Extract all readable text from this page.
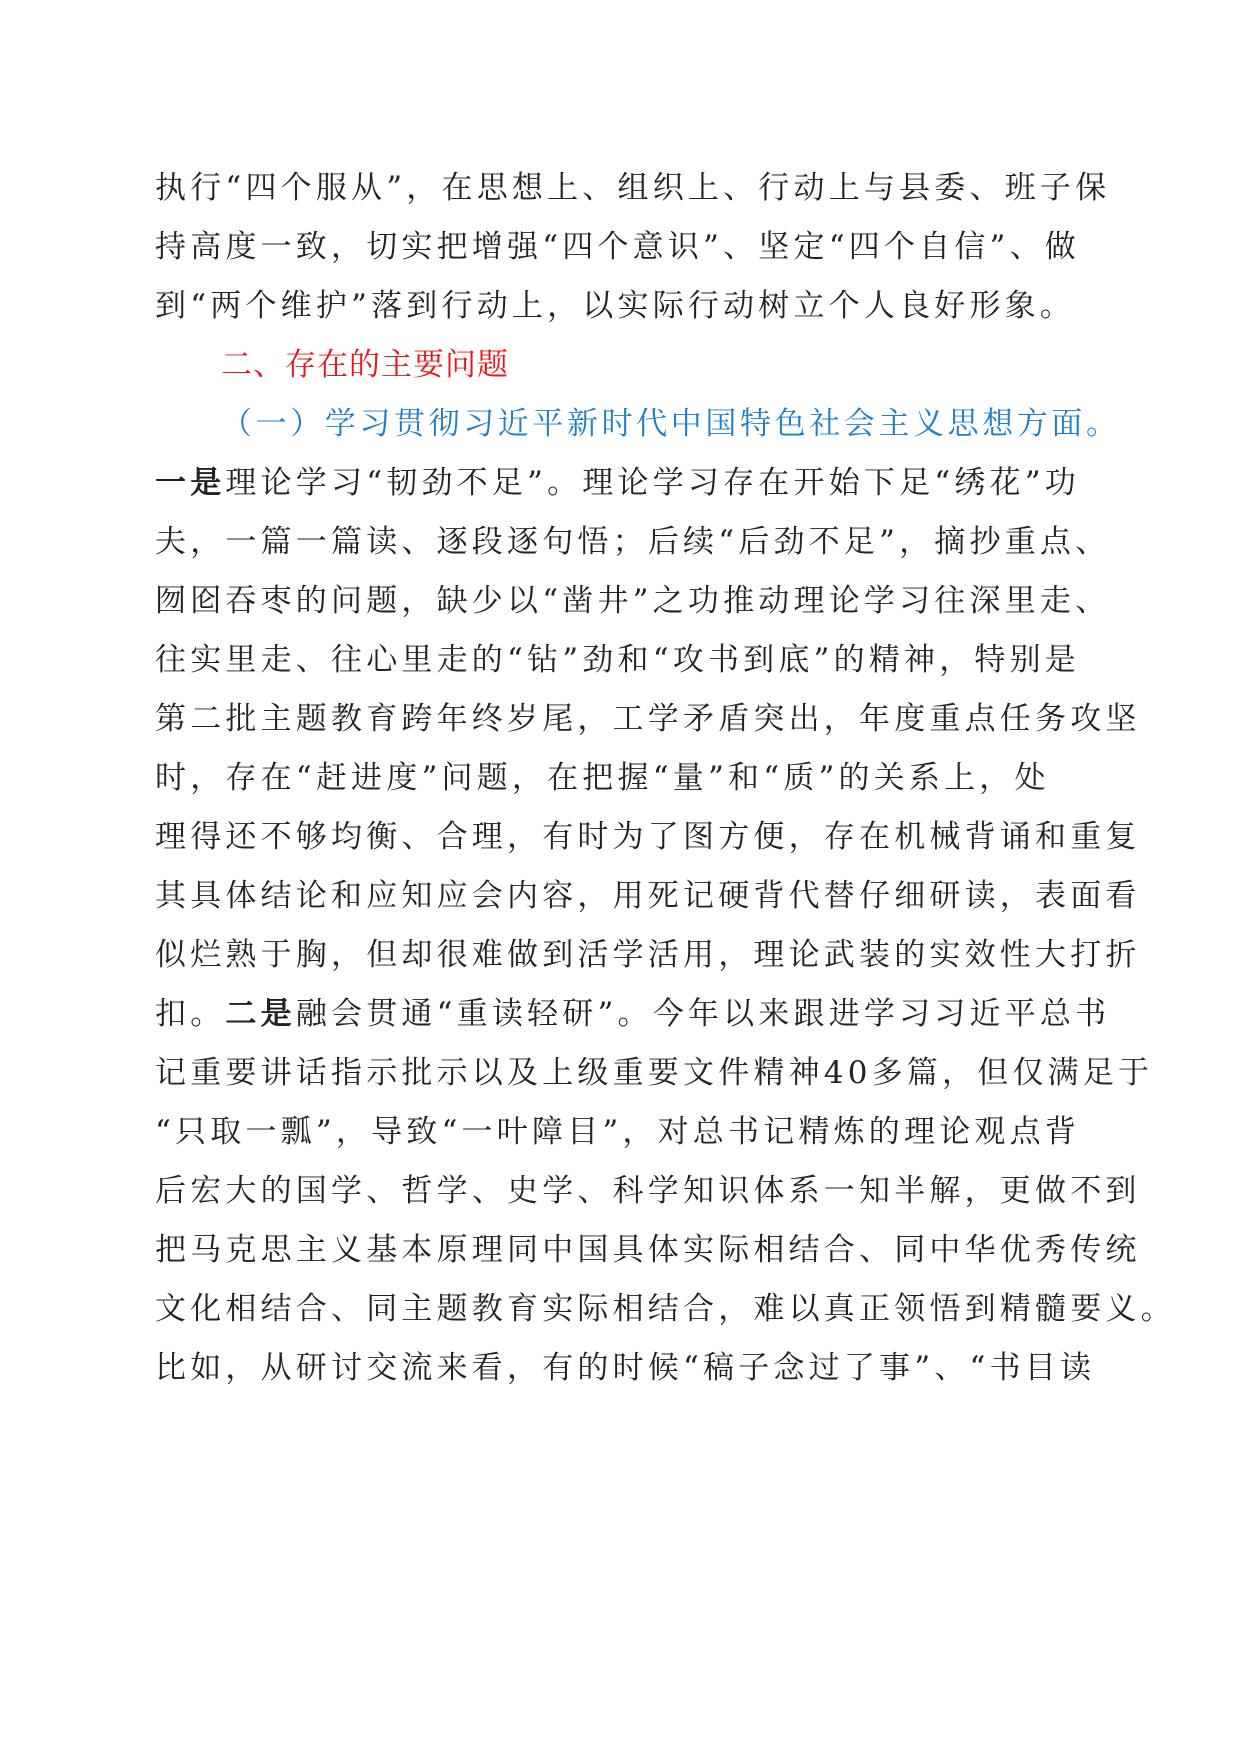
执行“四个服从”，在思想上、组织上、行动上与县委、班子保
持高度一致，切实把增强“四个意识”、坚定“四个自信”、做
到“两个维护”落到行动上，以实际行动树立个人良好形象。
二、存在的主要问题
（一）学习贯彻习近平新时代中国特色社会主义思想方面。
一是理论学习“韧劲不足”。理论学习存在开始下足“绣花”功
夫，一篇一篇读、逐段逐句悟；后续“后劲不足”，摘抄重点、
囫囵吞枣的问题，缺少以“凿井”之功推动理论学习往深里走、
往实里走、往心里走的“钻”劲和“攻书到底”的精神，特别是
第二批主题教育跨年终岁尾，工学矛盾突出，年度重点任务攻坚
时，存在“赶进度”问题，在把握“量”和“质”的关系上，处
理得还不够均衡、合理，有时为了图方便，存在机械背诵和重复
其具体结论和应知应会内容，用死记硬背代替仔细研读，表面看
似烂熟于胸，但却很难做到活学活用，理论武装的实效性大打折
扣。二是融会贯通“重读轻研”。今年以来跟进学习习近平总书
记重要讲话指示批示以及上级重要文件精神40多篇，但仅满足于
“只取一瓢”，导致“一叶障目”，对总书记精炼的理论观点背
后宏大的国学、哲学、史学、科学知识体系一知半解，更做不到
把马克思主义基本原理同中国具体实际相结合、同中华优秀传统
文化相结合、同主题教育实际相结合，难以真正领悟到精髓要义。
比如，从研讨交流来看，有的时候“稿子念过了事”、“书目读
